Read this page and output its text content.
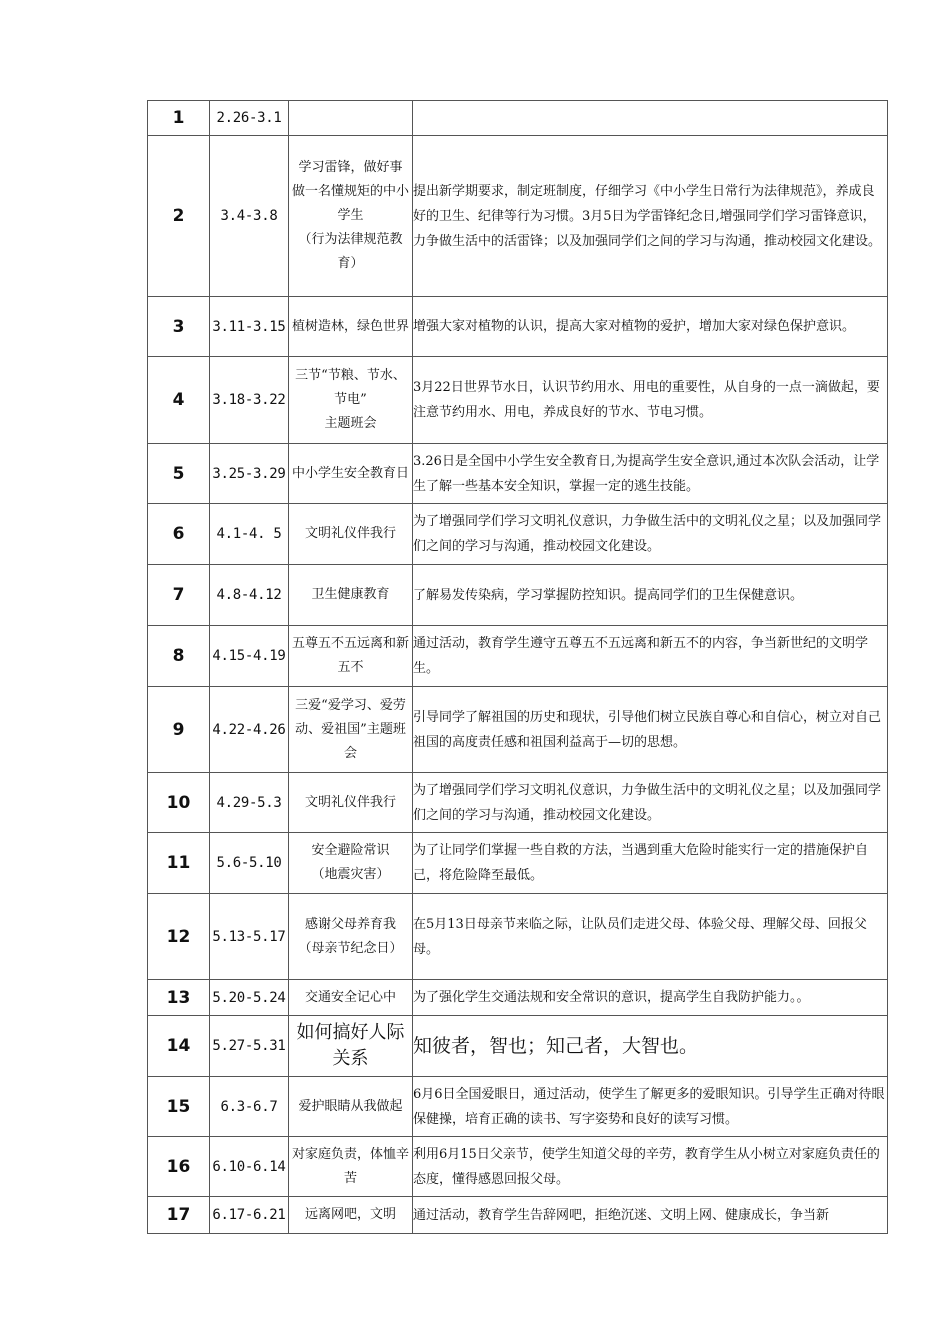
1	2.26-3.1		
2	3.4-3.8	学习雷锋，做好事
做一名懂规矩的中小学生
（行为法律规范教育）	提出新学期要求，制定班制度，仔细学习《中小学生日常行为法律规范》，养成良好的卫生、纪律等行为习惯。3月5日为学雷锋纪念日,增强同学们学习雷锋意识，力争做生活中的活雷锋；以及加强同学们之间的学习与沟通，推动校园文化建设。
3	3.11-3.15	植树造林，绿色世界	增强大家对植物的认识，提高大家对植物的爱护，增加大家对绿色保护意识。
4	3.18-3.22	三节“节粮、节水、节电”
主题班会	3月22日世界节水日，认识节约用水、用电的重要性，从自身的一点一滴做起，要注意节约用水、用电，养成良好的节水、节电习惯。
5	3.25-3.29	中小学生安全教育日	3.26日是全国中小学生安全教育日,为提高学生安全意识,通过本次队会活动，让学生了解一些基本安全知识，掌握一定的逃生技能。
6	4.1-4. 5	文明礼仪伴我行	为了增强同学们学习文明礼仪意识，力争做生活中的文明礼仪之星；以及加强同学们之间的学习与沟通，推动校园文化建设。
7	4.8-4.12	卫生健康教育	了解易发传染病，学习掌握防控知识。提高同学们的卫生保健意识。
8	4.15-4.19	五尊五不五远离和新五不	通过活动，教育学生遵守五尊五不五远离和新五不的内容，争当新世纪的文明学生。
9	4.22-4.26	三爱“爱学习、爱劳动、爱祖国”主题班会	引导同学了解祖国的历史和现状，引导他们树立民族自尊心和自信心，树立对自己祖国的高度责任感和祖国利益高于—切的思想。
10	4.29-5.3	文明礼仪伴我行	为了增强同学们学习文明礼仪意识，力争做生活中的文明礼仪之星；以及加强同学们之间的学习与沟通，推动校园文化建设。
11	5.6-5.10	安全避险常识
（地震灾害）	为了让同学们掌握一些自救的方法，当遇到重大危险时能实行一定的措施保护自己，将危险降至最低。
12	5.13-5.17	感谢父母养育我
（母亲节纪念日）	在5月13日母亲节来临之际，让队员们走进父母、体验父母、理解父母、回报父母。
13	5.20-5.24	交通安全记心中	为了强化学生交通法规和安全常识的意识，提高学生自我防护能力。。
14	5.27-5.31	如何搞好人际关系	知彼者，智也；知己者，大智也。
15	6.3-6.7	爱护眼睛从我做起	6月6日全国爱眼日，通过活动，使学生了解更多的爱眼知识。引导学生正确对待眼保健操，培育正确的读书、写字姿势和良好的读写习惯。
16	6.10-6.14	对家庭负责，体恤辛苦	利用6月15日父亲节，使学生知道父母的辛劳，教育学生从小树立对家庭负责任的态度，懂得感恩回报父母。
17	6.17-6.21	远离网吧，文明	通过活动，教育学生告辞网吧，拒绝沉迷、文明上网、健康成长，争当新
